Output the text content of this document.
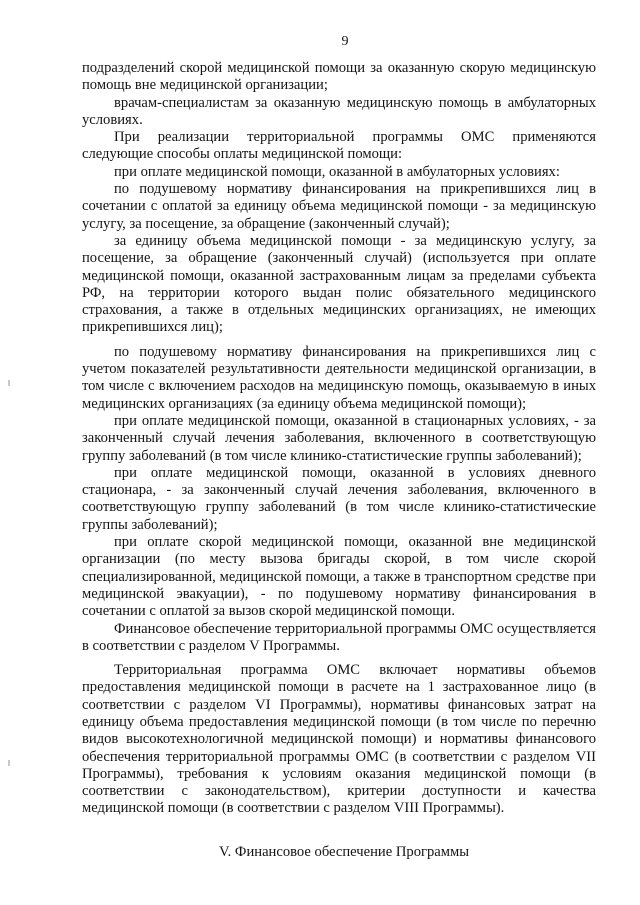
9

подразделений скорой медицинской помощи за оказанную скорую медицинскую помощь вне медицинской организации;

врачам-специалистам за оказанную медицинскую помощь в амбулаторных условиях.

При реализации территориальной программы ОМС применяются следующие способы оплаты медицинской помощи:

при оплате медицинской помощи, оказанной в амбулаторных условиях:

по подушевому нормативу финансирования на прикрепившихся лиц в сочетании с оплатой за единицу объема медицинской помощи - за медицинскую услугу, за посещение, за обращение (законченный случай);

за единицу объема медицинской помощи - за медицинскую услугу, за посещение, за обращение (законченный случай) (используется при оплате медицинской помощи, оказанной застрахованным лицам за пределами субъекта РФ, на территории которого выдан полис обязательного медицинского страхования, а также в отдельных медицинских организациях, не имеющих прикрепившихся лиц);

по подушевому нормативу финансирования на прикрепившихся лиц с учетом показателей результативности деятельности медицинской организации, в том числе с включением расходов на медицинскую помощь, оказываемую в иных медицинских организациях (за единицу объема медицинской помощи);

при оплате медицинской помощи, оказанной в стационарных условиях, - за законченный случай лечения заболевания, включенного в соответствующую группу заболеваний (в том числе клинико-статистические группы заболеваний);

при оплате медицинской помощи, оказанной в условиях дневного стационара, - за законченный случай лечения заболевания, включенного в соответствующую группу заболеваний (в том числе клинико-статистические группы заболеваний);

при оплате скорой медицинской помощи, оказанной вне медицинской организации (по месту вызова бригады скорой, в том числе скорой специализированной, медицинской помощи, а также в транспортном средстве при медицинской эвакуации), - по подушевому нормативу финансирования в сочетании с оплатой за вызов скорой медицинской помощи.

Финансовое обеспечение территориальной программы ОМС осуществляется в соответствии с разделом V Программы.

Территориальная программа ОМС включает нормативы объемов предоставления медицинской помощи в расчете на 1 застрахованное лицо (в соответствии с разделом VI Программы), нормативы финансовых затрат на единицу объема предоставления медицинской помощи (в том числе по перечню видов высокотехнологичной медицинской помощи) и нормативы финансового обеспечения территориальной программы ОМС (в соответствии с разделом VII Программы), требования к условиям оказания медицинской помощи (в соответствии с законодательством), критерии доступности и качества медицинской помощи (в соответствии с разделом VIII Программы).

V. Финансовое обеспечение Программы
